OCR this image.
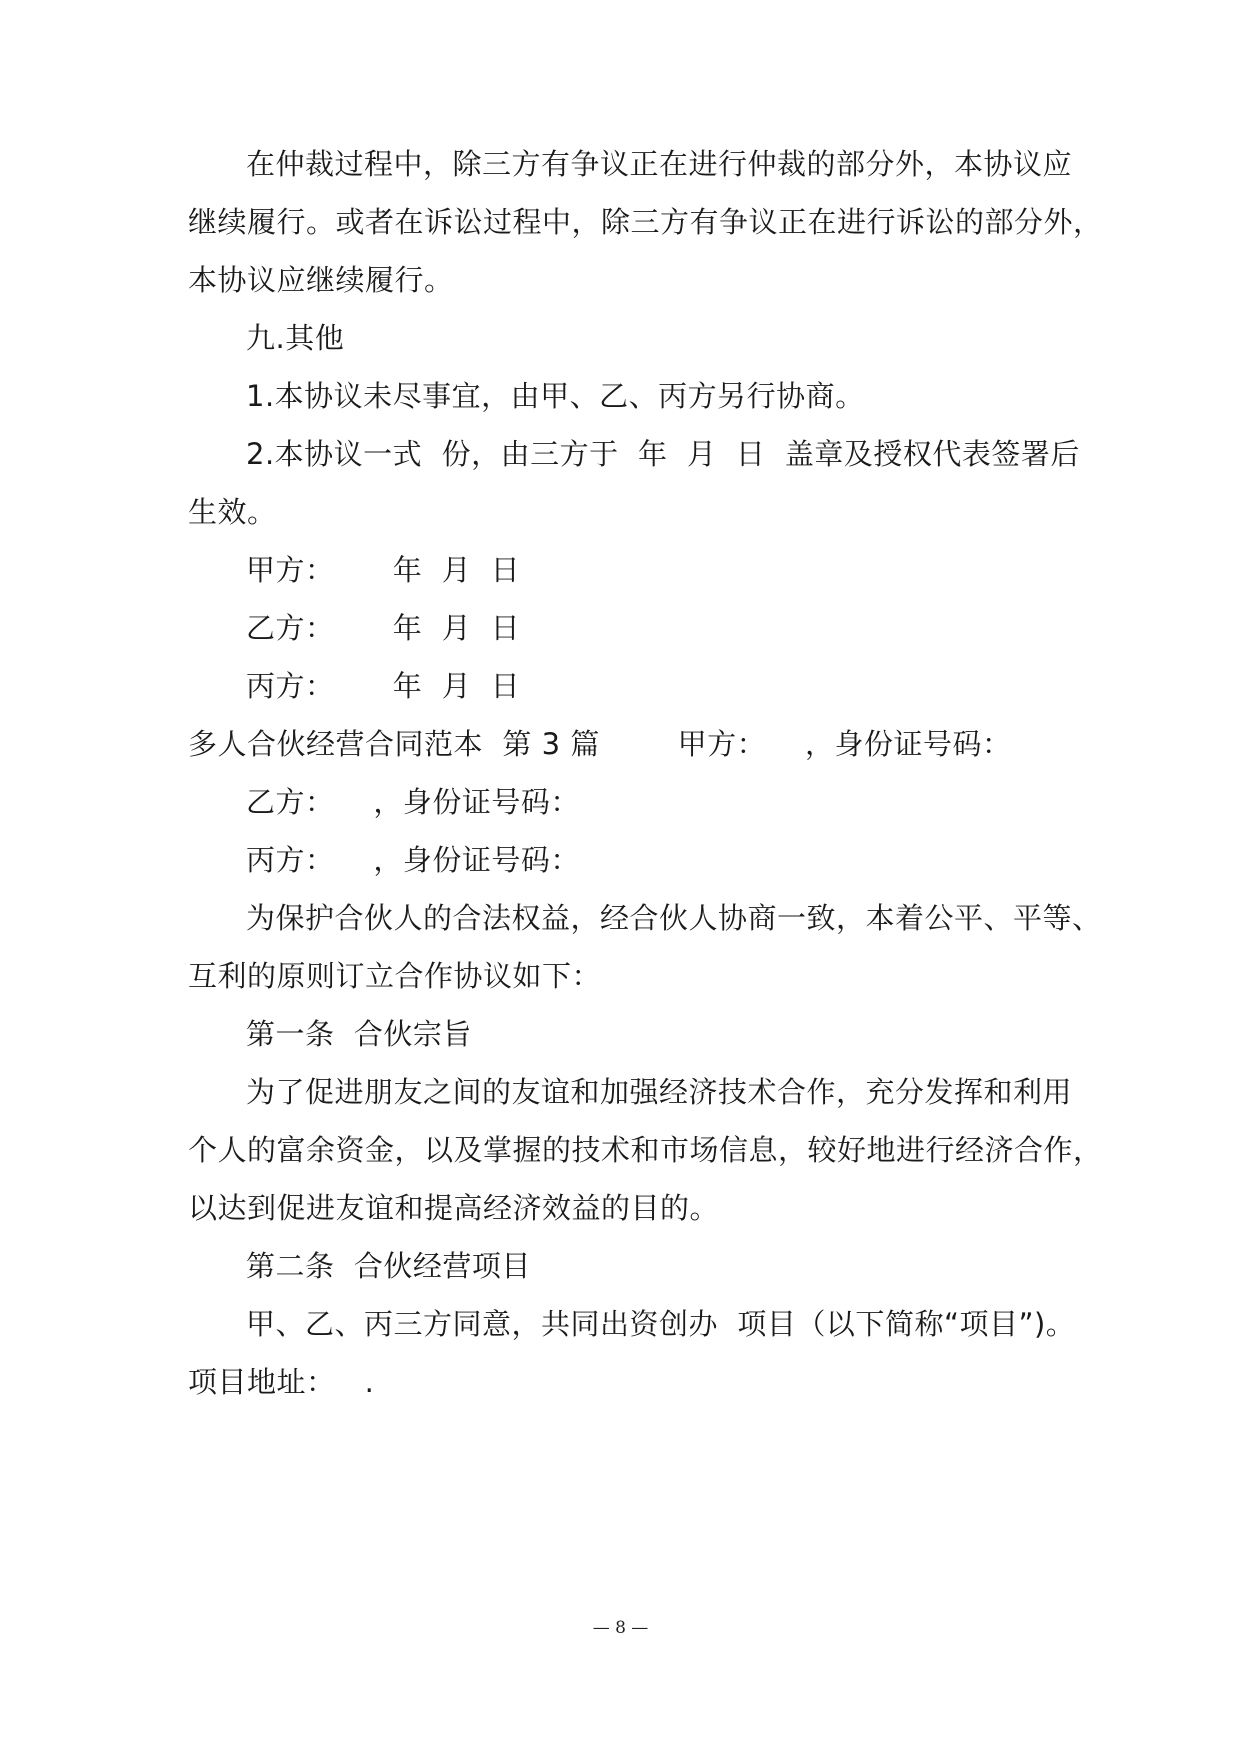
在仲裁过程中，除三方有争议正在进行仲裁的部分外，本协议应
继续履行。或者在诉讼过程中，除三方有争议正在进行诉讼的部分外，
本协议应继续履行。
九.其他
1.本协议未尽事宜，由甲、乙、丙方另行协商。
2.本协议一式  份，由三方于  年  月  日  盖章及授权代表签署后
生效。
甲方：      年  月  日
乙方：      年  月  日
丙方：      年  月  日
多人合伙经营合同范本  第 3 篇        甲方：    ，身份证号码：
乙方：    ，身份证号码：
丙方：    ，身份证号码：
为保护合伙人的合法权益，经合伙人协商一致，本着公平、平等、
互利的原则订立合作协议如下：
第一条  合伙宗旨
为了促进朋友之间的友谊和加强经济技术合作，充分发挥和利用
个人的富余资金，以及掌握的技术和市场信息，较好地进行经济合作，
以达到促进友谊和提高经济效益的目的。
第二条  合伙经营项目
甲、乙、丙三方同意，共同出资创办  项目（以下简称“项目”)。
项目地址：   .
— 8 —
